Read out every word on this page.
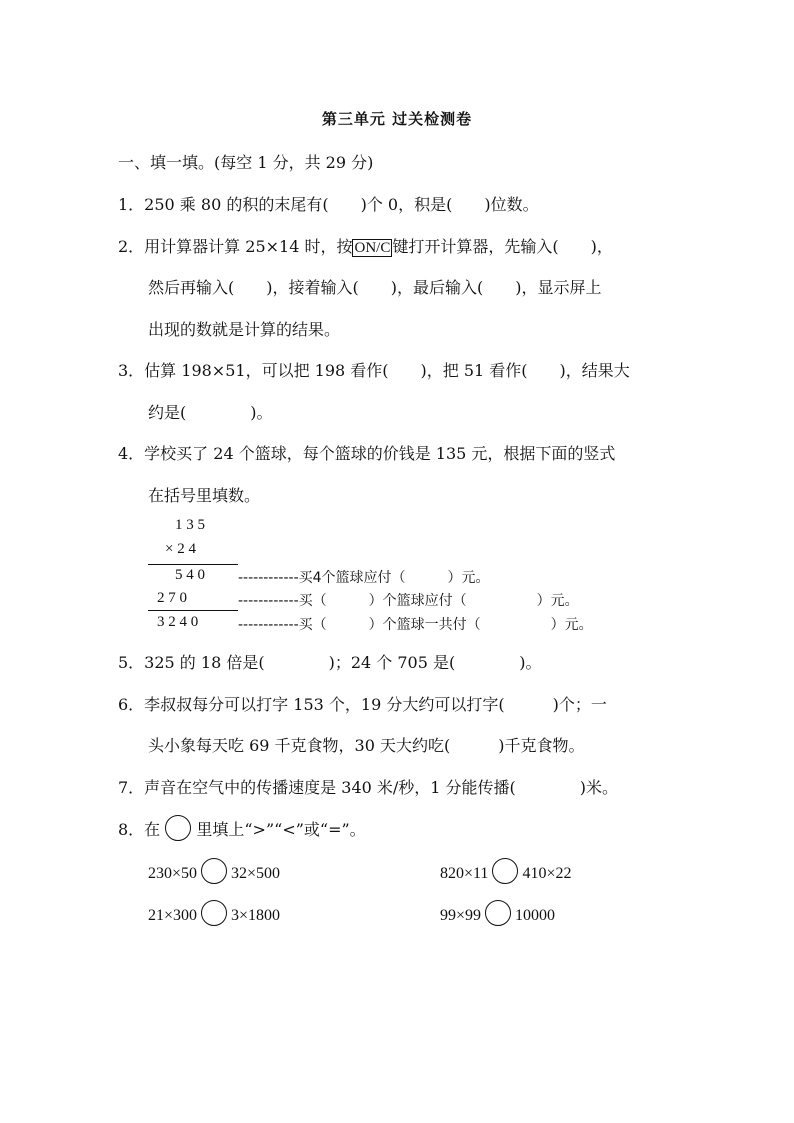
第三单元 过关检测卷
一、填一填。(每空 1 分，共 29 分)
1．250 乘 80 的积的末尾有(　　)个 0，积是(　　)位数。
2．用计算器计算 25×14 时，按 ON/C 键打开计算器，先输入(　　)，
然后再输入(　　)，接着输入(　　)，最后输入(　　)，显示屏上
出现的数就是计算的结果。
3．估算 198×51，可以把 198 看作(　　)，把 51 看作(　　)，结果大
约是(　　　　)。
4．学校买了 24 个篮球，每个篮球的价钱是 135 元，根据下面的竖式
在括号里填数。
1 3 5
× 2 4
5 4 0
2 7 0
3 2 4 0
------------买4个篮球应付（　　　）元。
------------买（　　　）个篮球应付（　　　　　）元。
------------买（　　　）个篮球一共付（　　　　　）元。
5．325 的 18 倍是(　　　　)；24 个 705 是(　　　　)。
6．李叔叔每分可以打字 153 个，19 分大约可以打字(　　　)个；一
头小象每天吃 69 千克食物，30 天大约吃(　　　)千克食物。
7．声音在空气中的传播速度是 340 米/秒，1 分能传播(　　　　)米。
8．在 里填上“>”“<”或“=”。
230×50 32×500	820×11 410×22
21×300 3×1800	99×99 10000
